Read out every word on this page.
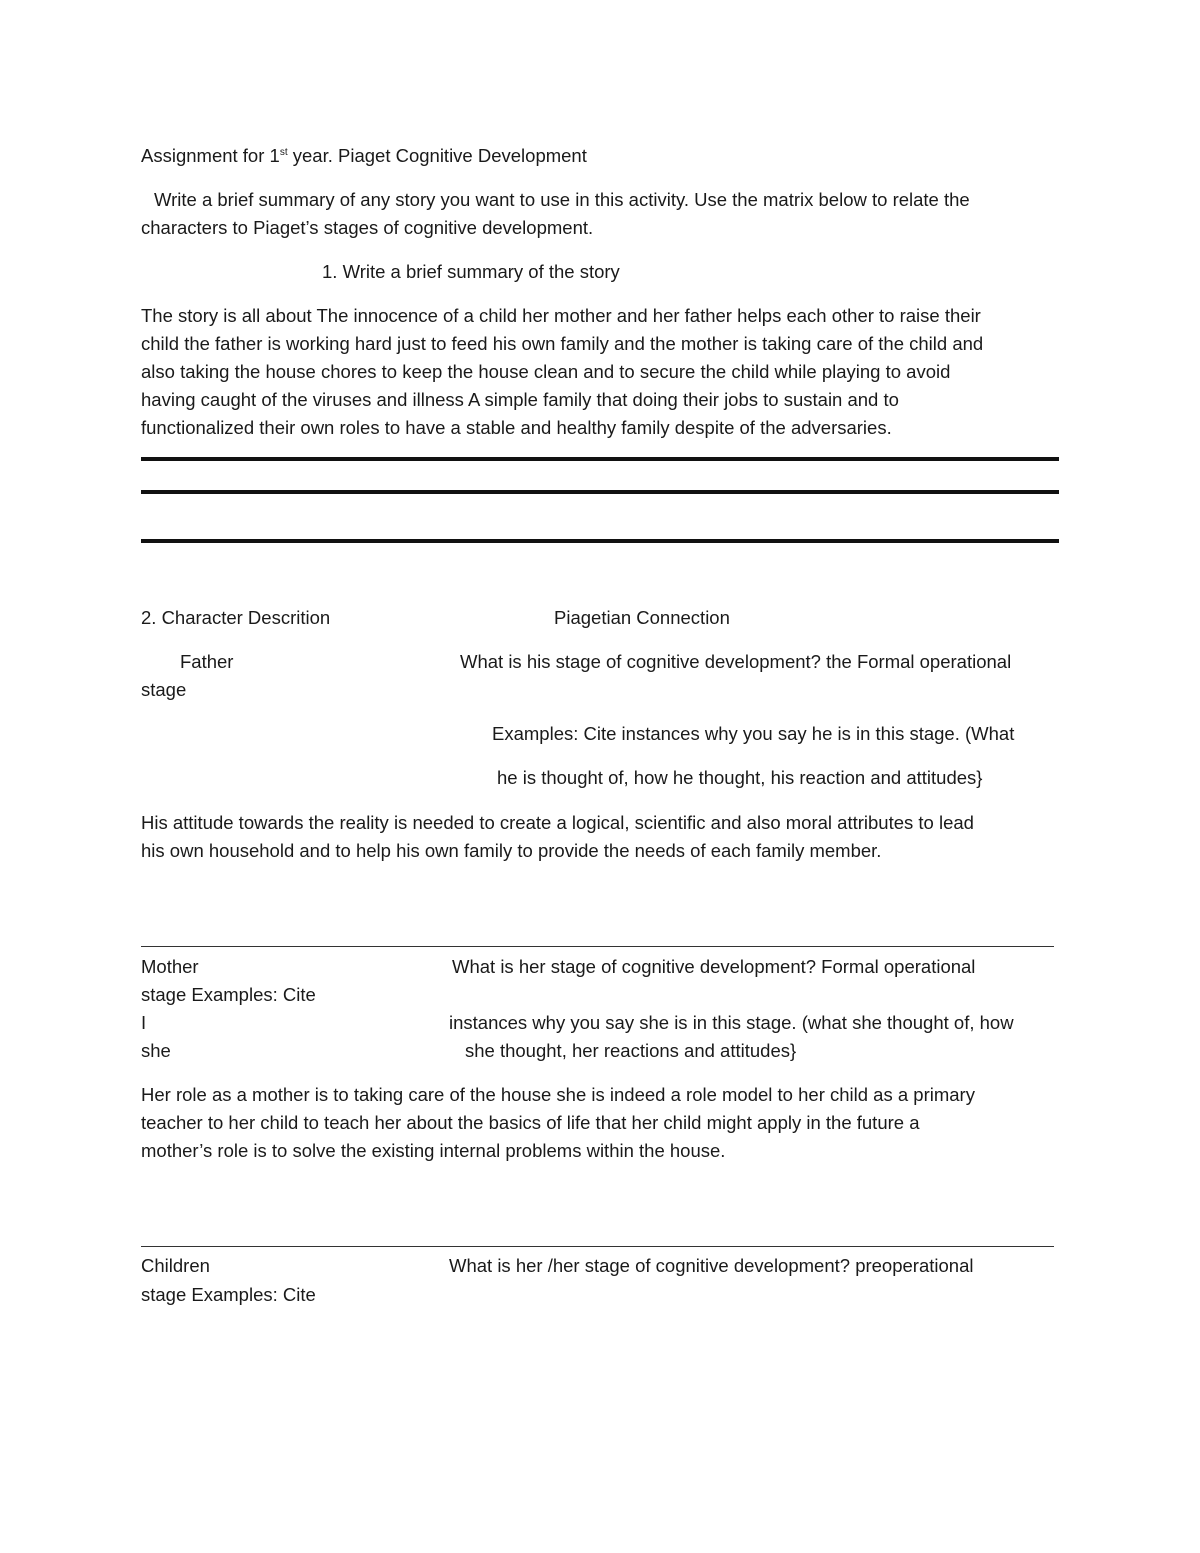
Assignment for 1st year. Piaget Cognitive Development
Write a brief summary of any story you want to use in this activity. Use the matrix below to relate the
characters to Piaget’s stages of cognitive development.
1. Write a brief summary of the story
The story is all about The innocence of a child her mother and her father helps each other to raise their
child the father is working hard just to feed his own family and the mother is taking care of the child and
also taking the house chores to keep the house clean and to secure the child while playing to avoid
having caught of the viruses and illness A simple family that doing their jobs to sustain and to
functionalized their own roles to have a stable and healthy family despite of the adversaries.
2. Character Descrition	Piagetian Connection
Father	What is his stage of cognitive development? the Formal operational
stage
Examples: Cite instances why you say he is in this stage. (What
he is thought of, how he thought, his reaction and attitudes}
His attitude towards the reality is needed to create a logical, scientific and also moral attributes to lead
his own household and to help his own family to provide the needs of each family member.
Mother	What is her stage of cognitive development? Formal operational
stage Examples: Cite
I	instances why you say she is in this stage. (what she thought of, how
she	she thought, her reactions and attitudes}
Her role as a mother is to taking care of the house she is indeed a role model to her child as a primary
teacher to her child to teach her about the basics of life that her child might apply in the future a
mother’s role is to solve the existing internal problems within the house.
Children	What is her /her stage of cognitive development? preoperational
stage Examples: Cite
